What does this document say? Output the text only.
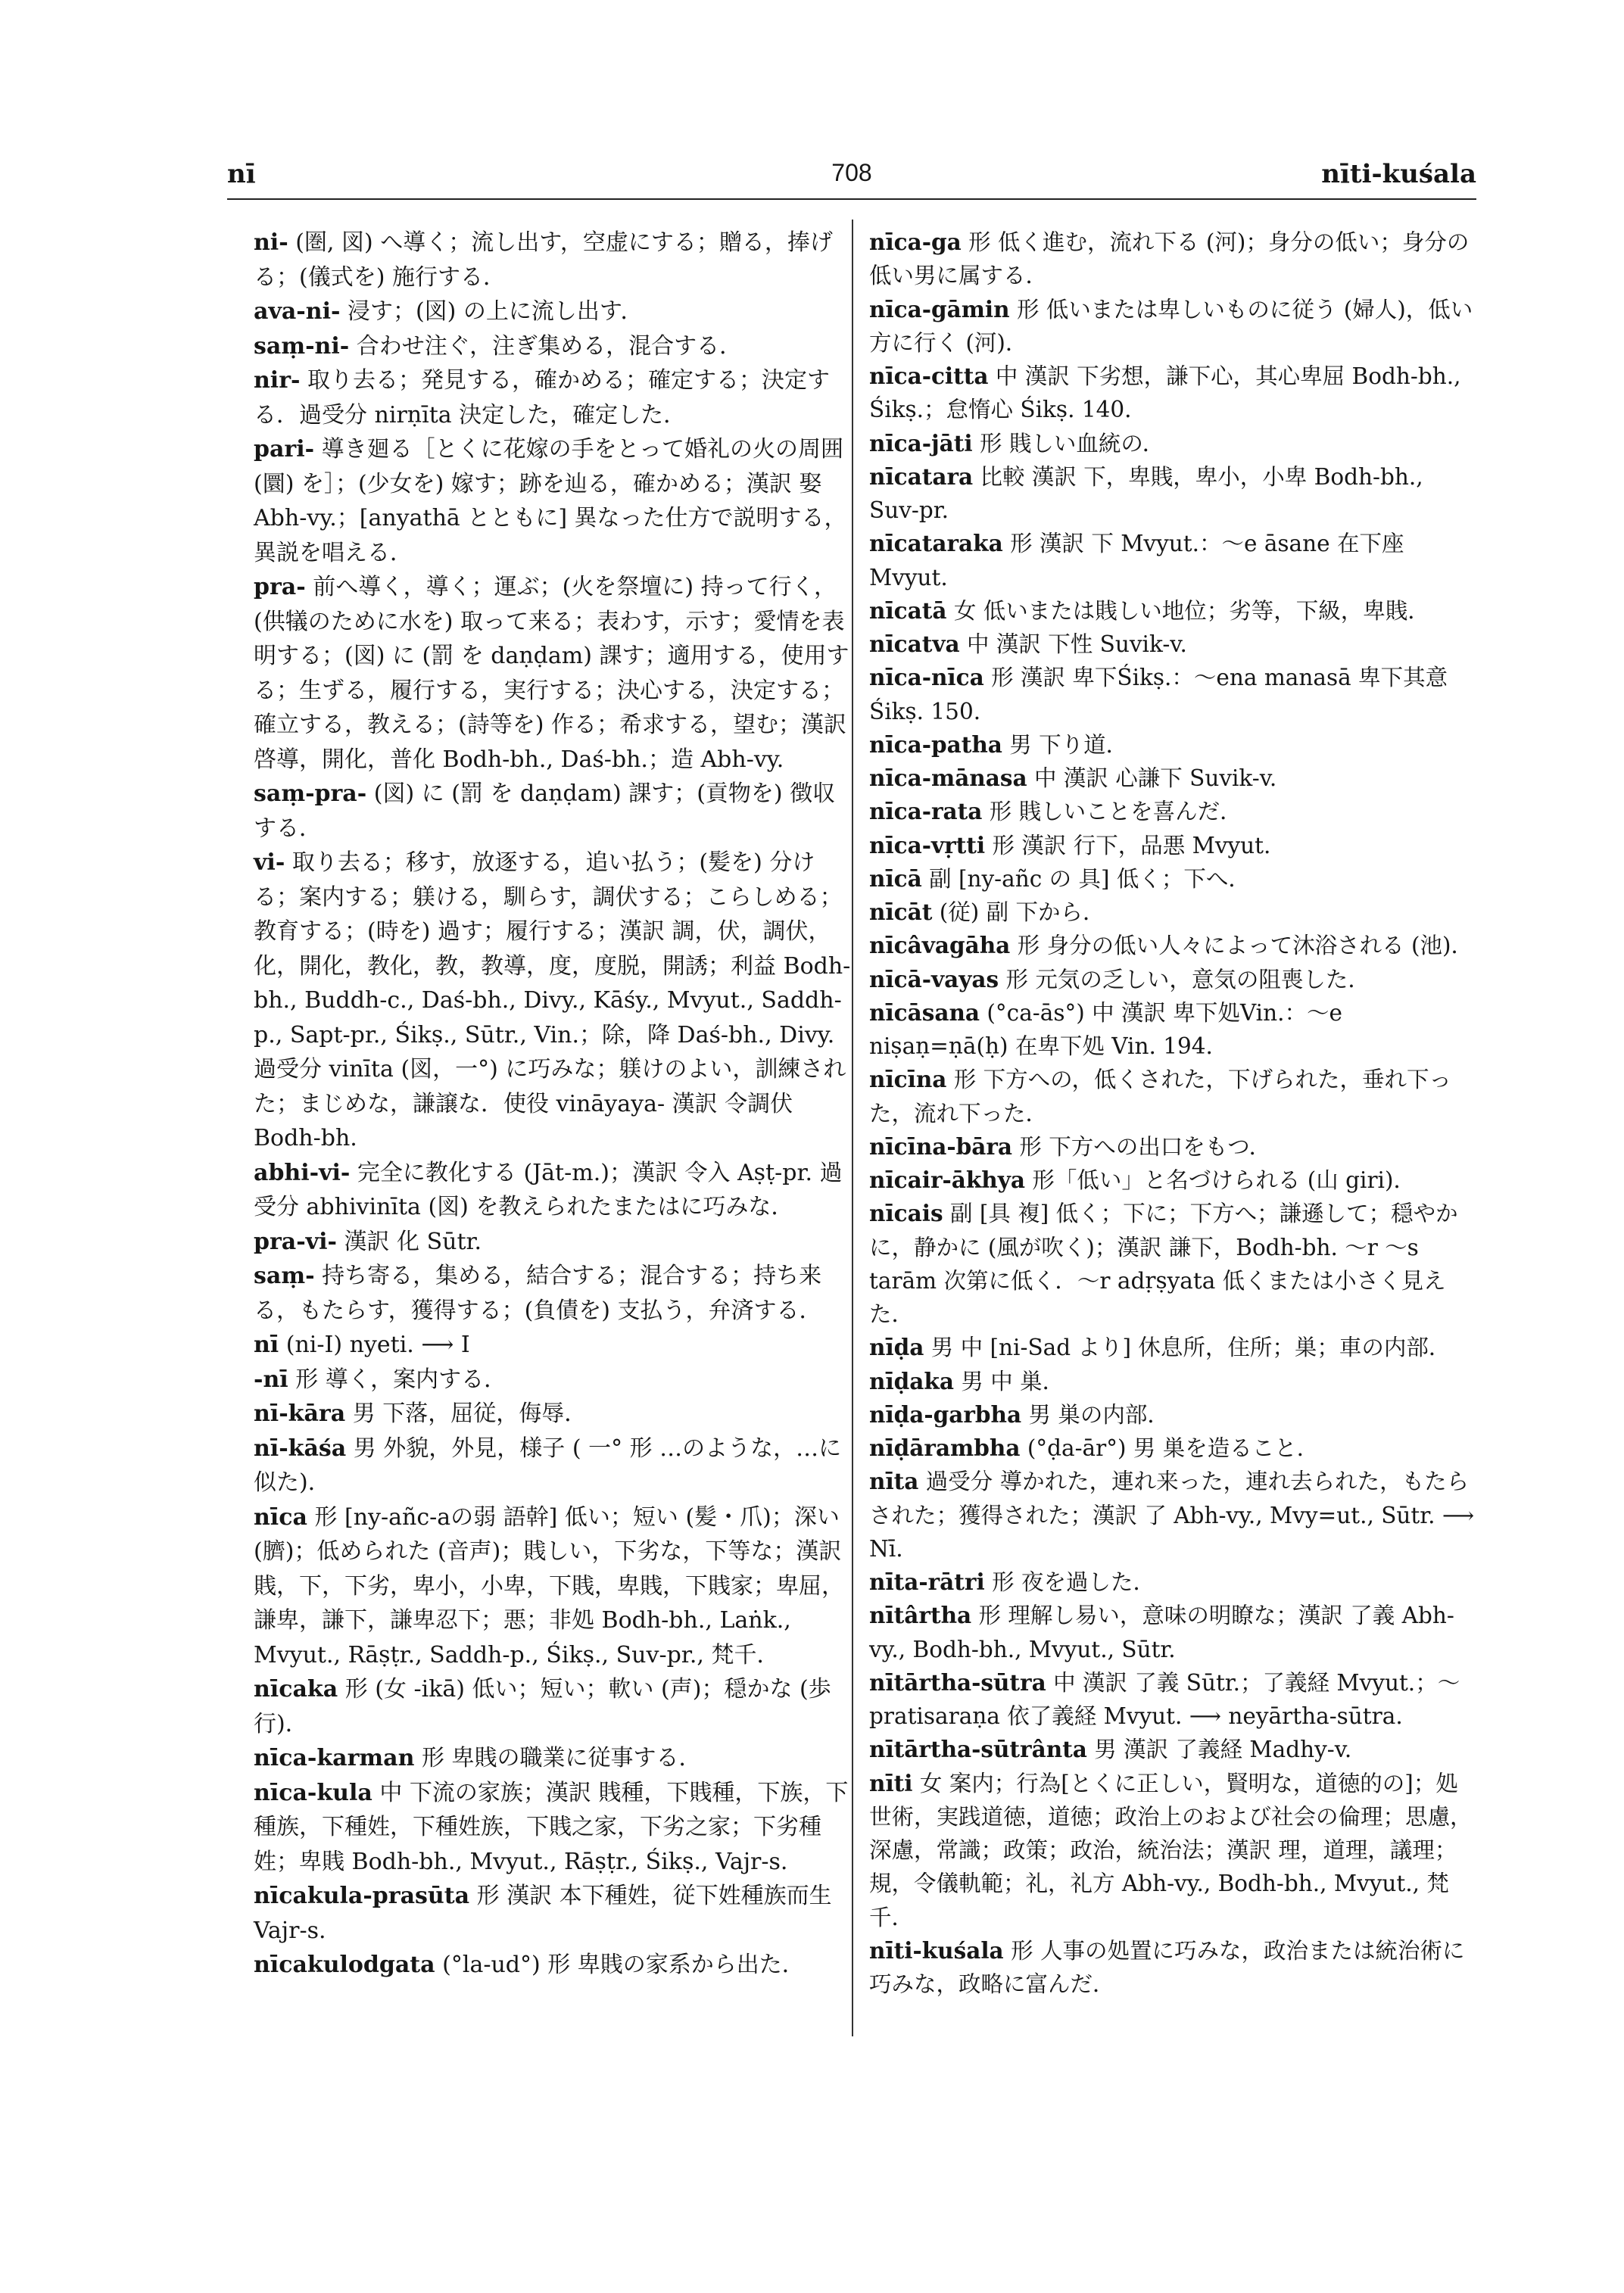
nī	708	nīti-kuśala

ni- (圏, 図) へ導く；流し出す，空虚にする；贈る，捧げる；(儀式を) 施行する．

ava-ni- 浸す；(図) の上に流し出す．

saṃ-ni- 合わせ注ぐ，注ぎ集める，混合する．

nir- 取り去る；発見する，確かめる；確定する；決定する．過受分 nirṇīta 決定した，確定した．

pari- 導き廻る［とくに花嫁の手をとって婚礼の火の周囲 (圜) を］；(少女を) 嫁す；跡を辿る，確かめる；漢訳 娶Abh-vy.；[anyathā とともに] 異なった仕方で説明する，異説を唱える．

pra- 前へ導く，導く；運ぶ；(火を祭壇に) 持って行く，(供犠のために水を) 取って来る；表わす，示す；愛情を表明する；(図) に (罰 を daṇḍam) 課す；適用する，使用する；生ずる，履行する，実行する；決心する，決定する；確立する，教える；(詩等を) 作る；希求する，望む；漢訳 啓導，開化，普化 Bodh-bh., Daś-bh.；造 Abh-vy.

saṃ-pra- (図) に (罰 を daṇḍam) 課す；(貢物を) 徴収する．

vi- 取り去る；移す，放逐する，追い払う；(髪を) 分ける；案内する；躾ける，馴らす，調伏する；こらしめる；教育する；(時を) 過す；履行する；漢訳 調，伏，調伏，化，開化，教化，教，教導，度，度脱，開誘；利益 Bodh-bh., Buddh-c., Daś-bh., Divy., Kāśy., Mvyut., Saddh-p., Sapt-pr., Śikṣ., Sūtr., Vin.；除，降 Daś-bh., Divy. 過受分 vinīta (図，一°) に巧みな；躾けのよい，訓練された；まじめな，謙譲な．使役 vināyaya- 漢訳 令調伏 Bodh-bh.

abhi-vi- 完全に教化する (Jāt-m.)；漢訳 令入 Aṣṭ-pr. 過受分 abhivinīta (図) を教えられたまたはに巧みな．

pra-vi- 漢訳 化 Sūtr.

saṃ- 持ち寄る，集める，結合する；混合する；持ち来る，もたらす，獲得する；(負債を) 支払う，弁済する．

nī (ni-I) nyeti. ⟶ I

-nī 形 導く，案内する．

nī-kāra 男 下落，屈従，侮辱．

nī-kāśa 男 外貌，外見，様子 ( 一° 形 …のような，…に似た)．

nīca 形 [ny-añc-aの弱 語幹] 低い；短い (髪・爪)；深い (臍)；低められた (音声)；賎しい，下劣な，下等な；漢訳 賎，下，下劣，卑小，小卑，下賎，卑賎，下賎家；卑屈，謙卑，謙下，謙卑忍下；悪；非処 Bodh-bh., Laṅk., Mvyut., Rāṣṭr., Saddh-p., Śikṣ., Suv-pr., 梵千．

nīcaka 形 (女 -ikā) 低い；短い；軟い (声)；穏かな (歩行)．

nīca-karman 形 卑賎の職業に従事する．

nīca-kula 中 下流の家族；漢訳 賎種，下賎種，下族，下種族，下種姓，下種姓族，下賎之家，下劣之家；下劣種姓；卑賎 Bodh-bh., Mvyut., Rāṣṭr., Śikṣ., Vajr-s.

nīcakula-prasūta 形 漢訳 本下種姓，従下姓種族而生 Vajr-s.

nīcakulodgata (°la-ud°) 形 卑賎の家系から出た．

nīca-ga 形 低く進む，流れ下る (河)；身分の低い；身分の低い男に属する．

nīca-gāmin 形 低いまたは卑しいものに従う (婦人)，低い方に行く (河)．

nīca-citta 中 漢訳 下劣想，謙下心，其心卑屈 Bodh-bh., Śikṣ.；怠惰心 Śikṣ. 140.

nīca-jāti 形 賎しい血統の．

nīcatara 比較 漢訳 下，卑賎，卑小，小卑 Bodh-bh., Suv-pr.

nīcataraka 形 漢訳 下 Mvyut.：～e āsane 在下座 Mvyut.

nīcatā 女 低いまたは賎しい地位；劣等，下級，卑賎．

nīcatva 中 漢訳 下性 Suvik-v.

nīca-nīca 形 漢訳 卑下Śikṣ.：～ena manasā 卑下其意 Śikṣ. 150.

nīca-patha 男 下り道．

nīca-mānasa 中 漢訳 心謙下 Suvik-v.

nīca-rata 形 賎しいことを喜んだ．

nīca-vṛtti 形 漢訳 行下，品悪 Mvyut.

nīcā 副 [ny-añc の 具] 低く；下へ．

nīcāt (従) 副 下から．

nīcâvagāha 形 身分の低い人々によって沐浴される (池)．

nīcā-vayas 形 元気の乏しい，意気の阻喪した．

nīcāsana (°ca-ās°) 中 漢訳 卑下処Vin.：～e niṣaṇ=ṇā(ḥ) 在卑下処 Vin. 194.

nīcīna 形 下方への，低くされた，下げられた，垂れ下った，流れ下った．

nīcīna-bāra 形 下方への出口をもつ．

nīcair-ākhya 形「低い」と名づけられる (山 giri)．

nīcais 副 [具 複] 低く；下に；下方へ；謙遜して；穏やかに，静かに (風が吹く)；漢訳 謙下，Bodh-bh. ～r ～s tarām 次第に低く．～r adṛṣyata 低くまたは小さく見えた．

nīḍa 男 中 [ni-Sad より] 休息所，住所；巣；車の内部．

nīḍaka 男 中 巣．

nīḍa-garbha 男 巣の内部．

nīḍārambha (°ḍa-ār°) 男 巣を造ること．

nīta 過受分 導かれた，連れ来った，連れ去られた，もたらされた；獲得された；漢訳 了 Abh-vy., Mvy=ut., Sūtr. ⟶ Nī.

nīta-rātri 形 夜を過した．

nītârtha 形 理解し易い，意味の明瞭な；漢訳 了義 Abh-vy., Bodh-bh., Mvyut., Sūtr.

nītārtha-sūtra 中 漢訳 了義 Sūtr.；了義経 Mvyut.；～pratisaraṇa 依了義経 Mvyut. ⟶ neyārtha-sūtra.

nītārtha-sūtrânta 男 漢訳 了義経 Madhy-v.

nīti 女 案内；行為[とくに正しい，賢明な，道徳的の]；処世術，実践道徳，道徳；政治上のおよび社会の倫理；思慮，深慮，常識；政策；政治，統治法；漢訳 理，道理，議理；規，令儀軌範；礼，礼方 Abh-vy., Bodh-bh., Mvyut., 梵千．

nīti-kuśala 形 人事の処置に巧みな，政治または統治術に巧みな，政略に富んだ．
